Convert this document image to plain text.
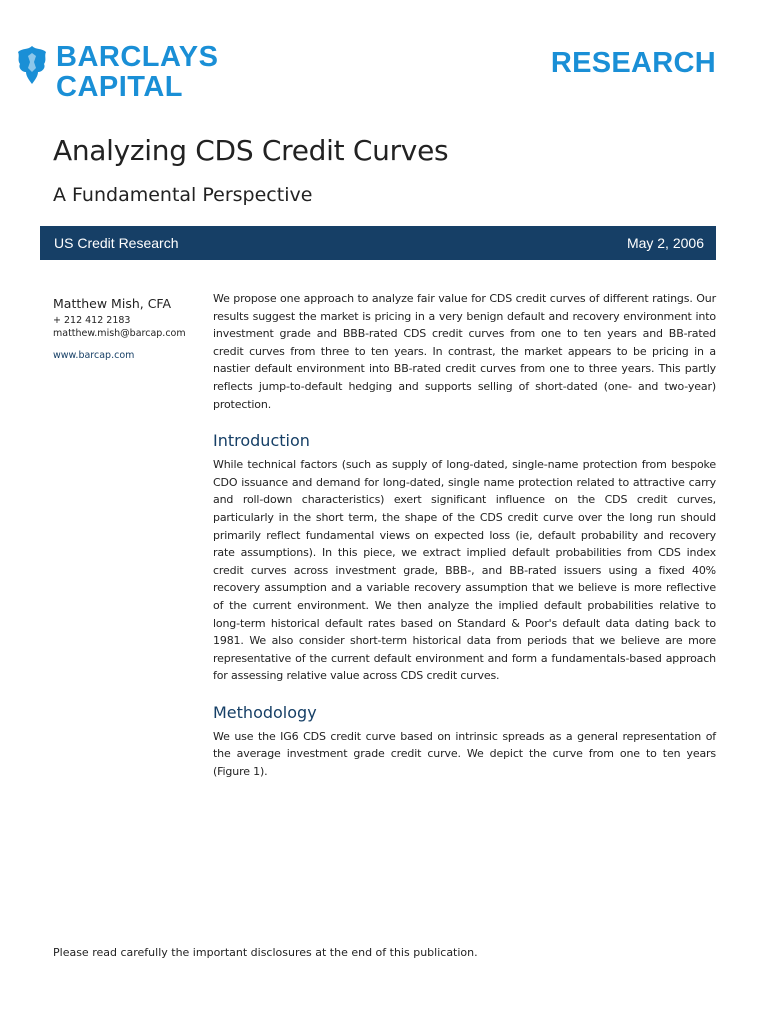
BARCLAYS
CAPITAL
RESEARCH
Analyzing CDS Credit Curves
A Fundamental Perspective
US Credit Research	May 2, 2006
Matthew Mish, CFA
+ 212 412 2183
matthew.mish@barcap.com
www.barcap.com

We propose one approach to analyze fair value for CDS credit curves of different ratings. Our results suggest the market is pricing in a very benign default and recovery environment into investment grade and BBB-rated CDS credit curves from one to ten years and BB-rated credit curves from three to ten years. In contrast, the market appears to be pricing in a nastier default environment into BB-rated credit curves from one to three years. This partly reflects jump-to-default hedging and supports selling of short-dated (one- and two-year) protection.

Introduction

While technical factors (such as supply of long-dated, single-name protection from bespoke CDO issuance and demand for long-dated, single name protection related to attractive carry and roll-down characteristics) exert significant influence on the CDS credit curves, particularly in the short term, the shape of the CDS credit curve over the long run should primarily reflect fundamental views on expected loss (ie, default probability and recovery rate assumptions). In this piece, we extract implied default probabilities from CDS index credit curves across investment grade, BBB-, and BB-rated issuers using a fixed 40% recovery assumption and a variable recovery assumption that we believe is more reflective of the current environment. We then analyze the implied default probabilities relative to long-term historical default rates based on Standard & Poor's default data dating back to 1981. We also consider short-term historical data from periods that we believe are more representative of the current default environment and form a fundamentals-based approach for assessing relative value across CDS credit curves.

Methodology

We use the IG6 CDS credit curve based on intrinsic spreads as a general representation of the average investment grade credit curve. We depict the curve from one to ten years (Figure 1).

Please read carefully the important disclosures at the end of this publication.
